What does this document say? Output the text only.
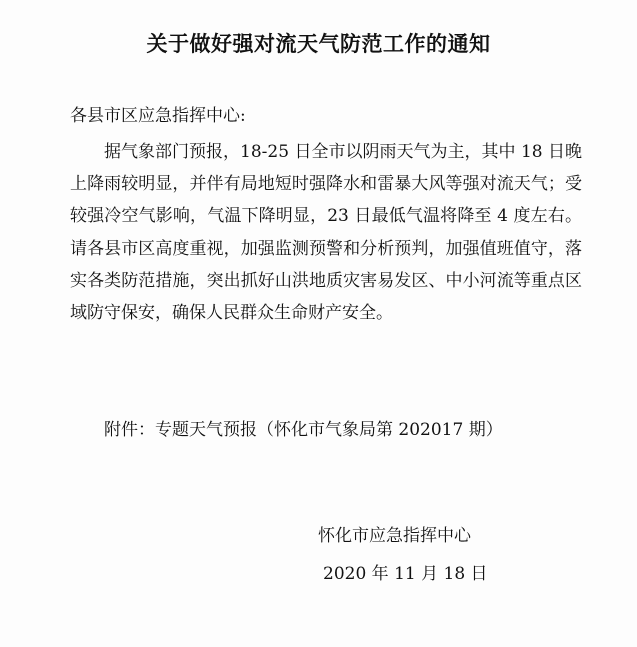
关于做好强对流天气防范工作的通知
各县市区应急指挥中心:

据气象部门预报，18-25 日全市以阴雨天气为主，其中 18 日晚上降雨较明显，并伴有局地短时强降水和雷暴大风等强对流天气；受较强冷空气影响，气温下降明显，23 日最低气温将降至 4 度左右。请各县市区高度重视，加强监测预警和分析预判，加强值班值守，落实各类防范措施，突出抓好山洪地质灾害易发区、中小河流等重点区域防守保安，确保人民群众生命财产安全。

附件：专题天气预报（怀化市气象局第 202017 期）
怀化市应急指挥中心
2020 年 11 月 18 日
